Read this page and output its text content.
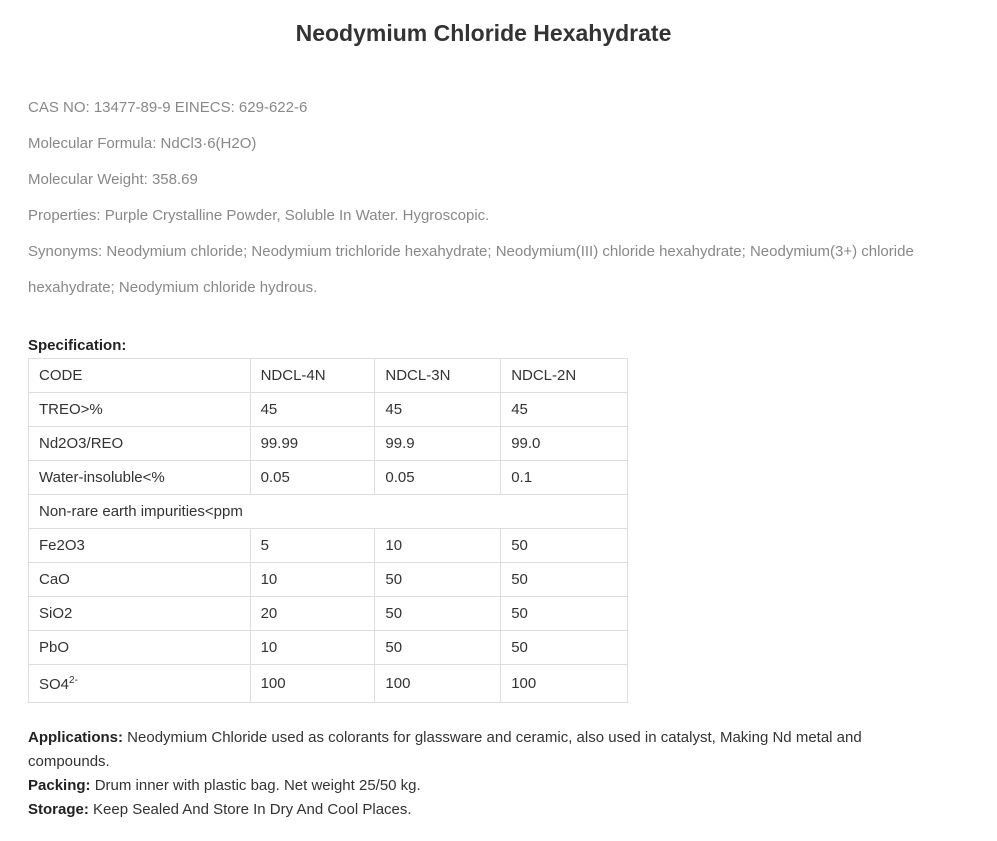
Neodymium Chloride Hexahydrate

CAS NO: 13477-89-9 EINECS: 629-622-6

Molecular Formula: NdCl3·6(H2O)

Molecular Weight: 358.69

Properties: Purple Crystalline Powder, Soluble In Water. Hygroscopic.

Synonyms: Neodymium chloride; Neodymium trichloride hexahydrate; Neodymium(III) chloride hexahydrate; Neodymium(3+) chloride hexahydrate; Neodymium chloride hydrous.

Specification:
CODE	NDCL-4N	NDCL-3N	NDCL-2N
TREO>%	45	45	45
Nd2O3/REO	99.99	99.9	99.0
Water-insoluble<%	0.05	0.05	0.1
Non-rare earth impurities<ppm			
Fe2O3	5	10	50
CaO	10	50	50
SiO2	20	50	50
PbO	10	50	50
$SO4^{2-}$	100	100	100

Applications: Neodymium Chloride used as colorants for glassware and ceramic, also used in catalyst, Making Nd metal and compounds.

Packing: Drum inner with plastic bag. Net weight 25/50 kg.

Storage: Keep Sealed And Store In Dry And Cool Places.
